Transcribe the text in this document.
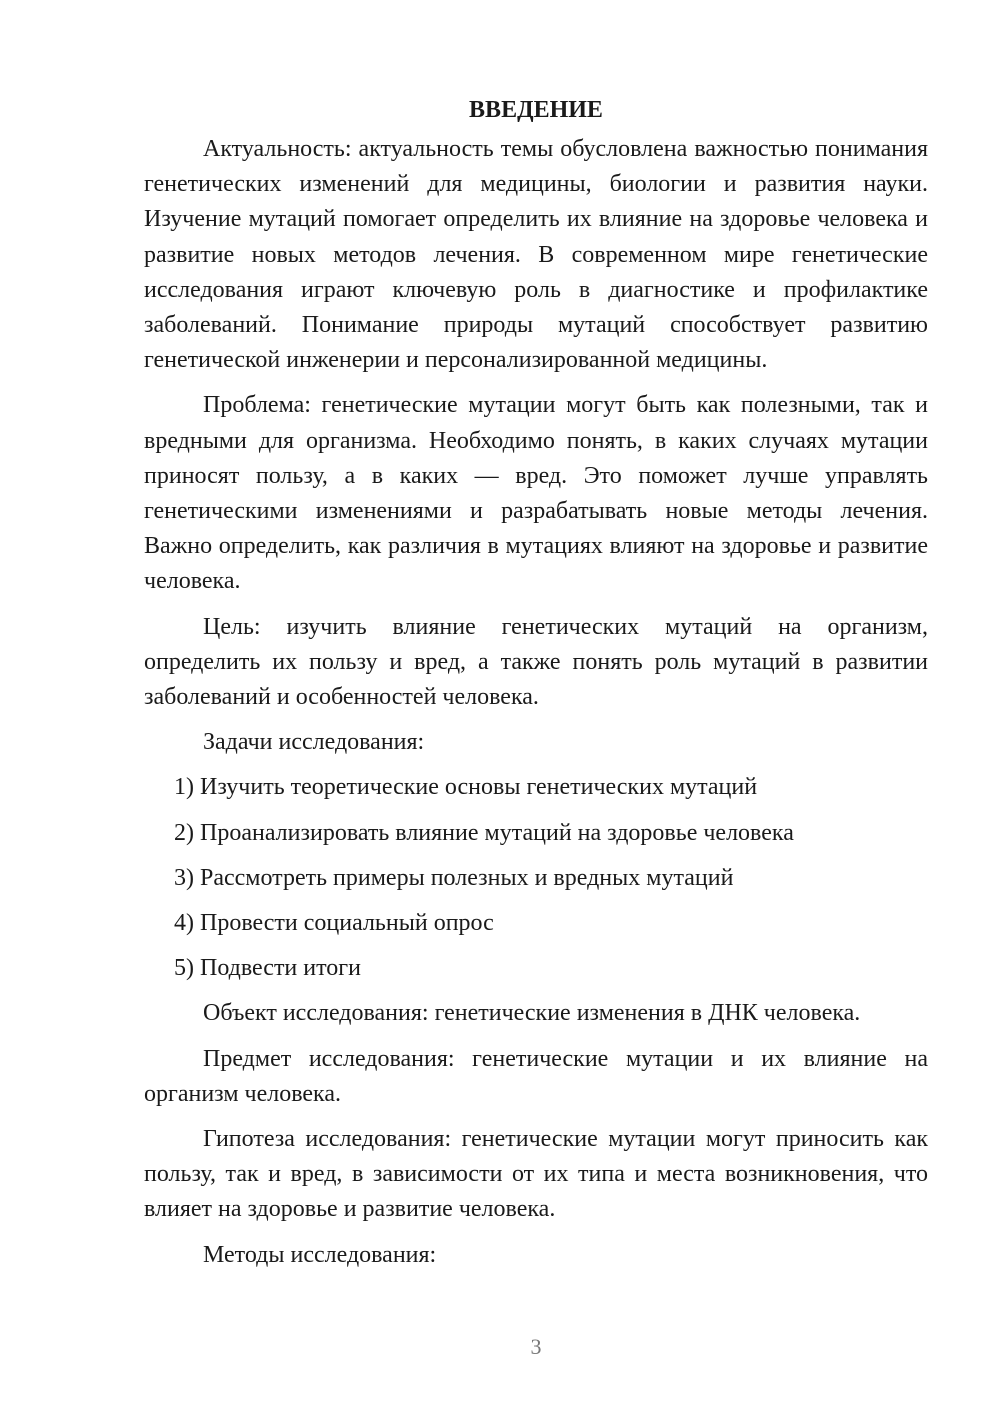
ВВЕДЕНИЕ

Актуальность: актуальность темы обусловлена важностью понимания генетических изменений для медицины, биологии и развития науки. Изучение мутаций помогает определить их влияние на здоровье человека и развитие новых методов лечения. В современном мире генетические исследования играют ключевую роль в диагностике и профилактике заболеваний. Понимание природы мутаций способствует развитию генетической инженерии и персонализированной медицины.

Проблема: генетические мутации могут быть как полезными, так и вредными для организма. Необходимо понять, в каких случаях мутации приносят пользу, а в каких — вред. Это поможет лучше управлять генетическими изменениями и разрабатывать новые методы лечения. Важно определить, как различия в мутациях влияют на здоровье и развитие человека.

Цель: изучить влияние генетических мутаций на организм, определить их пользу и вред, а также понять роль мутаций в развитии заболеваний и особенностей человека.

Задачи исследования:

1) Изучить теоретические основы генетических мутаций
2) Проанализировать влияние мутаций на здоровье человека
3) Рассмотреть примеры полезных и вредных мутаций
4) Провести социальный опрос
5) Подвести итоги

Объект исследования: генетические изменения в ДНК человека.

Предмет исследования: генетические мутации и их влияние на организм человека.

Гипотеза исследования: генетические мутации могут приносить как пользу, так и вред, в зависимости от их типа и места возникновения, что влияет на здоровье и развитие человека.

Методы исследования:

3
